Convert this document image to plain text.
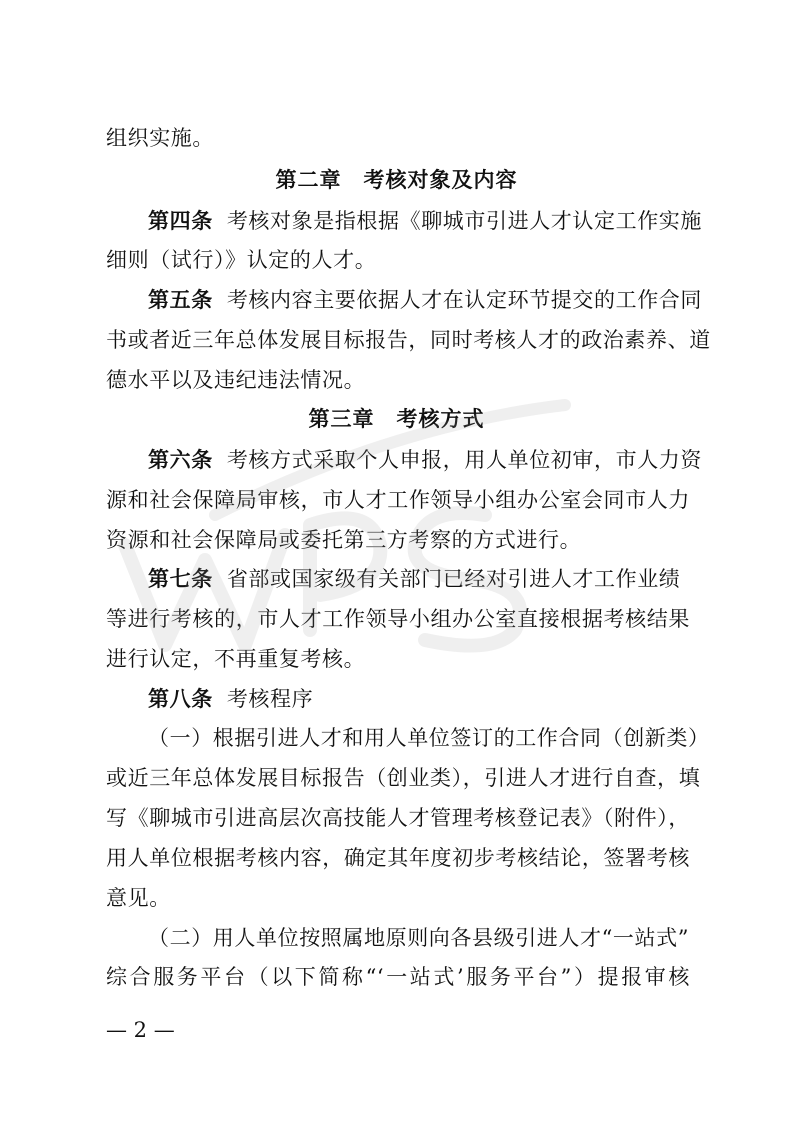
组织实施。
第二章　考核对象及内容
第四条 考核对象是指根据《聊城市引进人才认定工作实施
细则（试行）》认定的人才。
第五条 考核内容主要依据人才在认定环节提交的工作合同
书或者近三年总体发展目标报告，同时考核人才的政治素养、道
德水平以及违纪违法情况。
第三章　考核方式
第六条 考核方式采取个人申报，用人单位初审，市人力资
源和社会保障局审核，市人才工作领导小组办公室会同市人力
资源和社会保障局或委托第三方考察的方式进行。
第七条 省部或国家级有关部门已经对引进人才工作业绩
等进行考核的，市人才工作领导小组办公室直接根据考核结果
进行认定，不再重复考核。
第八条 考核程序
（一）根据引进人才和用人单位签订的工作合同（创新类）
或近三年总体发展目标报告（创业类），引进人才进行自查，填
写《聊城市引进高层次高技能人才管理考核登记表》（附件），
用人单位根据考核内容，确定其年度初步考核结论，签署考核
意见。
（二）用人单位按照属地原则向各县级引进人才“一站式”
综合服务平台（以下简称“‘一站式’服务平台”）提报审核
— 2 —
